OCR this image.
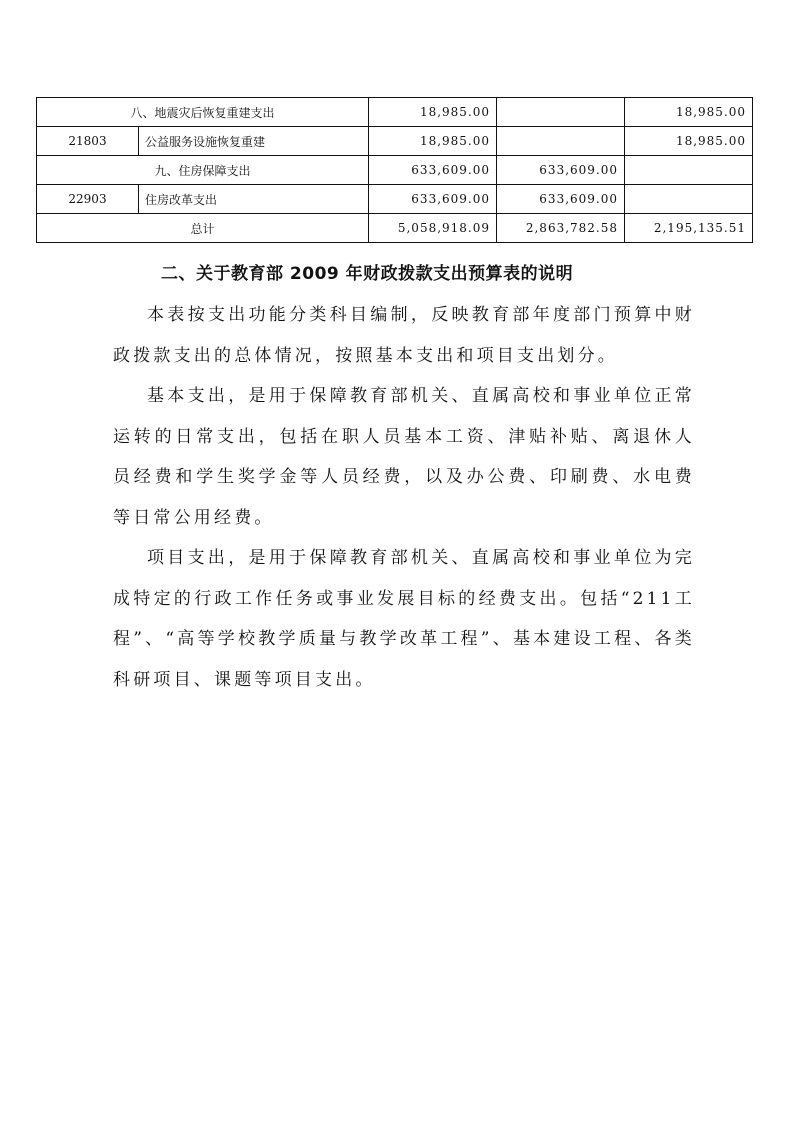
八、地震灾后恢复重建支出		18,985.00		18,985.00
21803	公益服务设施恢复重建	18,985.00		18,985.00
九、住房保障支出		633,609.00	633,609.00	
22903	住房改革支出	633,609.00	633,609.00	
总计		5,058,918.09	2,863,782.58	2,195,135.51
二、关于教育部 2009 年财政拨款支出预算表的说明

本表按支出功能分类科目编制，反映教育部年度部门预算中财政拨款支出的总体情况，按照基本支出和项目支出划分。

基本支出，是用于保障教育部机关、直属高校和事业单位正常运转的日常支出，包括在职人员基本工资、津贴补贴、离退休人员经费和学生奖学金等人员经费，以及办公费、印刷费、水电费等日常公用经费。

项目支出，是用于保障教育部机关、直属高校和事业单位为完成特定的行政工作任务或事业发展目标的经费支出。包括“211工程”、“高等学校教学质量与教学改革工程”、基本建设工程、各类科研项目、课题等项目支出。
